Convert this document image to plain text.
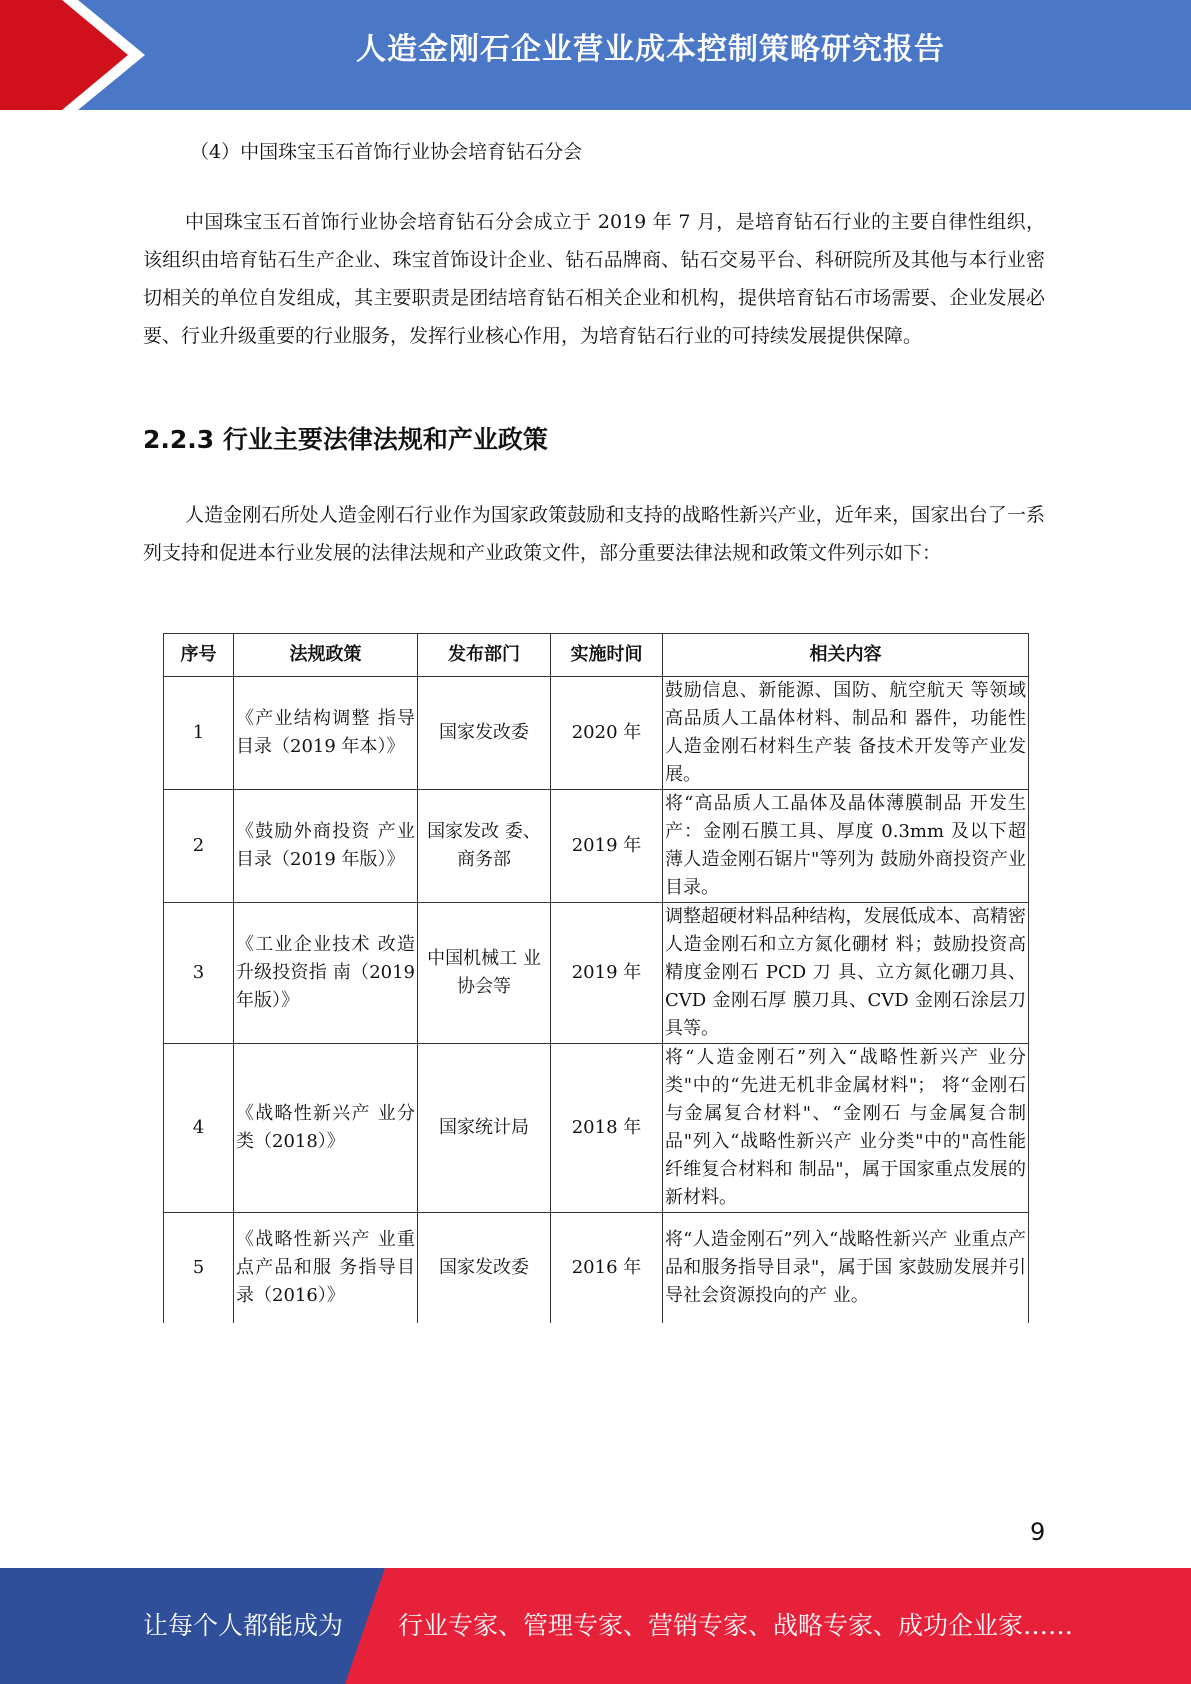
人造金刚石企业营业成本控制策略研究报告
（4）中国珠宝玉石首饰行业协会培育钻石分会
中国珠宝玉石首饰行业协会培育钻石分会成立于 2019 年 7 月，是培育钻石行业的主要自律性组织，该组织由培育钻石生产企业、珠宝首饰设计企业、钻石品牌商、钻石交易平台、科研院所及其他与本行业密切相关的单位自发组成，其主要职责是团结培育钻石相关企业和机构，提供培育钻石市场需要、企业发展必要、行业升级重要的行业服务，发挥行业核心作用，为培育钻石行业的可持续发展提供保障。
2.2.3 行业主要法律法规和产业政策
人造金刚石所处人造金刚石行业作为国家政策鼓励和支持的战略性新兴产业，近年来，国家出台了一系列支持和促进本行业发展的法律法规和产业政策文件，部分重要法律法规和政策文件列示如下：
序号	法规政策	发布部门	实施时间	相关内容
1	《产业结构调整 指导目录（2019 年本）》	国家发改委	2020 年	鼓励信息、新能源、国防、航空航天 等领域高品质人工晶体材料、制品和 器件，功能性人造金刚石材料生产装 备技术开发等产业发展。
2	《鼓励外商投资 产业目录（2019 年版）》	国家发改 委、商务部	2019 年	将“高品质人工晶体及晶体薄膜制品 开发生产：金刚石膜工具、厚度 0.3mm 及以下超薄人造金刚石锯片"等列为 鼓励外商投资产业目录。
3	《工业企业技术 改造升级投资指 南（2019 年版）》	中国机械工 业协会等	2019 年	调整超硬材料品种结构，发展低成本、高精密人造金刚石和立方氮化硼材 料；鼓励投资高精度金刚石 PCD 刀 具、立方氮化硼刀具、CVD 金刚石厚 膜刀具、CVD 金刚石涂层刀具等。
4	《战略性新兴产 业分类（2018）》	国家统计局	2018 年	将“人造金刚石”列入“战略性新兴产 业分类"中的“先进无机非金属材料"； 将“金刚石与金属复合材料"、“金刚石 与金属复合制品"列入“战略性新兴产 业分类"中的"高性能纤维复合材料和 制品"，属于国家重点发展的新材料。
5	《战略性新兴产 业重点产品和服 务指导目录（2016）》	国家发改委	2016 年	将“人造金刚石”列入“战略性新兴产 业重点产品和服务指导目录"，属于国 家鼓励发展并引导社会资源投向的产 业。
9
让每个人都能成为 行业专家、管理专家、营销专家、战略专家、成功企业家……
